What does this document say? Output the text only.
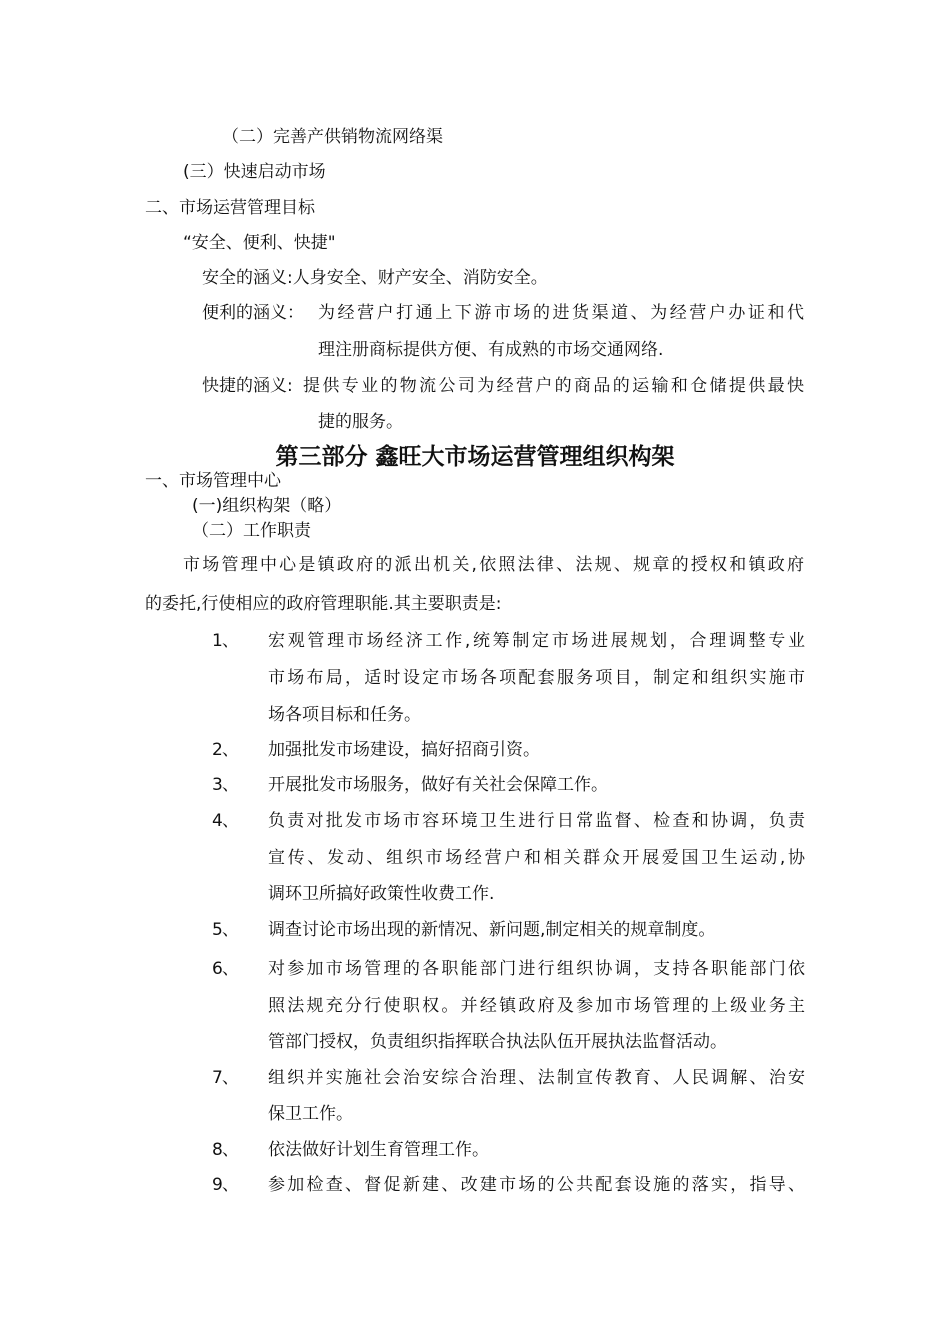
（二）完善产供销物流网络渠
(三）快速启动市场
二、市场运营管理目标
“安全、便利、快捷"
安全的涵义:人身安全、财产安全、消防安全。
便利的涵义： 为经营户打通上下游市场的进货渠道、为经营户办证和代
理注册商标提供方便、有成熟的市场交通网络.
快捷的涵义: 提供专业的物流公司为经营户的商品的运输和仓储提供最快
捷的服务。
第三部分 鑫旺大市场运营管理组织构架
一、市场管理中心
(一)组织构架（略）
（二）工作职责
市场管理中心是镇政府的派出机关,依照法律、法规、规章的授权和镇政府
的委托,行使相应的政府管理职能.其主要职责是:
1 、 宏观管理市场经济工作,统筹制定市场进展规划，合理调整专业
市场布局，适时设定市场各项配套服务项目，制定和组织实施市
场各项目标和任务。
2 、 加强批发市场建设，搞好招商引资。
3 、 开展批发市场服务，做好有关社会保障工作。
4 、 负责对批发市场市容环境卫生进行日常监督、检查和协调，负责
宣传、发动、组织市场经营户和相关群众开展爱国卫生运动,协
调环卫所搞好政策性收费工作.
5 、 调查讨论市场出现的新情况、新问题,制定相关的规章制度。
6 、 对参加市场管理的各职能部门进行组织协调，支持各职能部门依
照法规充分行使职权。并经镇政府及参加市场管理的上级业务主
管部门授权，负责组织指挥联合执法队伍开展执法监督活动。
7 、 组织并实施社会治安综合治理、法制宣传教育、人民调解、治安
保卫工作。
8 、 依法做好计划生育管理工作。
9 、 参加检查、督促新建、改建市场的公共配套设施的落实，指导、
